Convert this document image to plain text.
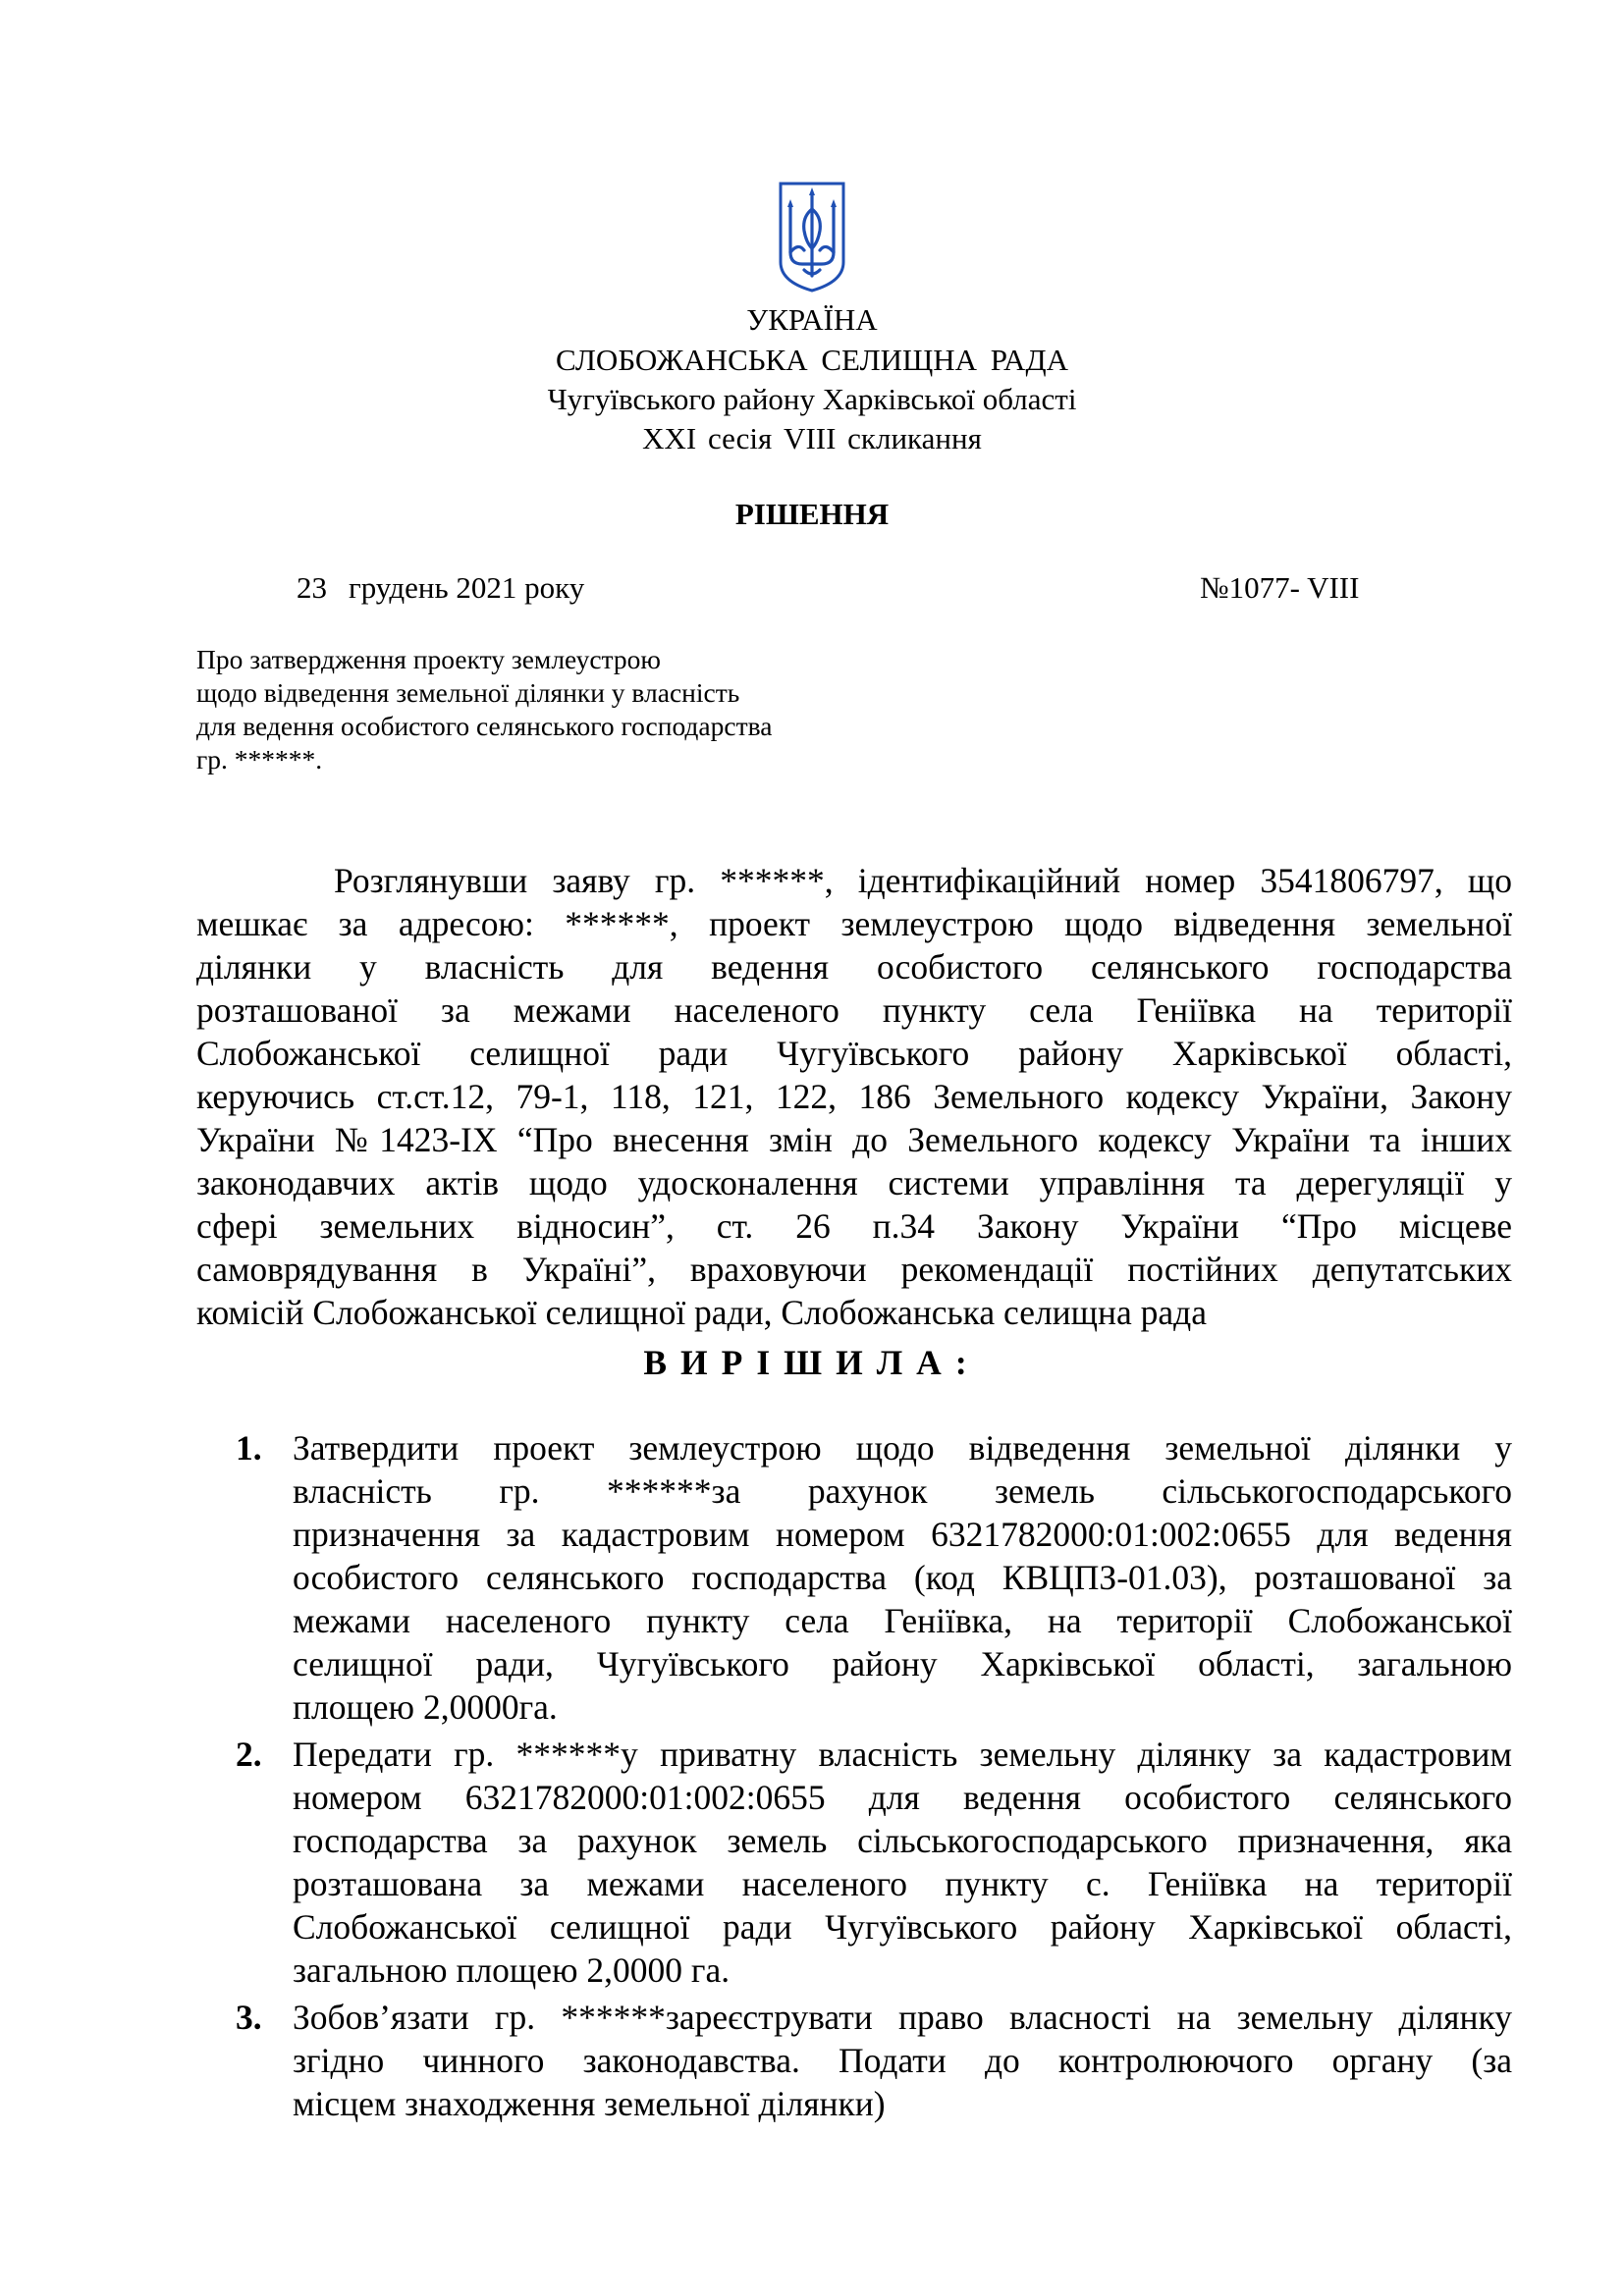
УКРАЇНА
СЛОБОЖАНСЬКА СЕЛИЩНА РАДА
Чугуївського району Харківської області
XXI сесія VIII скликання
РІШЕННЯ
23 грудень 2021 року	№1077- VIII
Про затвердження проекту землеустрою
щодо відведення земельної ділянки у власність
для ведення особистого селянського господарства
гр. ******.
Розглянувши заяву гр. ******, ідентифікаційний номер 3541806797, що
мешкає за адресою: ******, проект землеустрою щодо відведення земельної
ділянки у власність для ведення особистого селянського господарства
розташованої за межами населеного пункту села Геніївка на території
Слобожанської селищної ради Чугуївського району Харківської області,
керуючись ст.ст.12, 79-1, 118, 121, 122, 186 Земельного кодексу України, Закону
України №1423-IX “Про внесення змін до Земельного кодексу України та інших
законодавчих актів щодо удосконалення системи управління та дерегуляції у
сфері земельних відносин”, ст. 26 п.34 Закону України “Про місцеве
самоврядування в Україні”, враховуючи рекомендації постійних депутатських
комісій Слобожанської селищної ради, Слобожанська селищна рада
ВИРІШИЛА:
1. Затвердити проект землеустрою щодо відведення земельної ділянки у
власність гр. ******за рахунок земель сільськогосподарського
призначення за кадастровим номером 6321782000:01:002:0655 для ведення
особистого селянського господарства (код КВЦПЗ-01.03), розташованої за
межами населеного пункту села Геніївка, на території Слобожанської
селищної ради, Чугуївського району Харківської області, загальною
площею 2,0000га.
2. Передати гр. ******у приватну власність земельну ділянку за кадастровим
номером 6321782000:01:002:0655 для ведення особистого селянського
господарства за рахунок земель сільськогосподарського призначення, яка
розташована за межами населеного пункту с. Геніївка на території
Слобожанської селищної ради Чугуївського району Харківської області,
загальною площею 2,0000 га.
3. Зобов’язати гр. ******зареєструвати право власності на земельну ділянку
згідно чинного законодавства. Подати до контролюючого органу (за
місцем знаходження земельної ділянки)
